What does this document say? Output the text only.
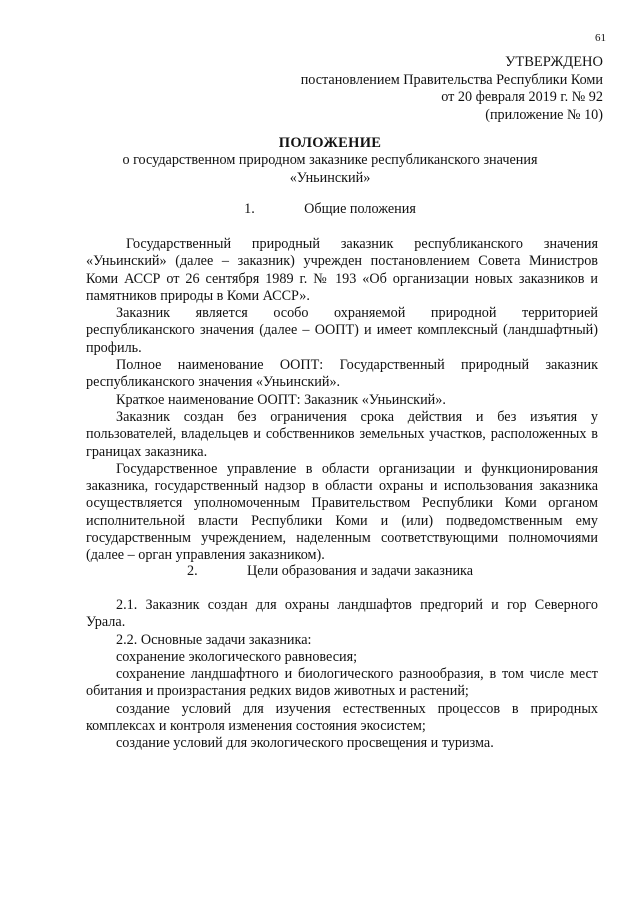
61
УТВЕРЖДЕНО
постановлением Правительства Республики Коми
от 20 февраля 2019 г. № 92
(приложение № 10)
ПОЛОЖЕНИЕ
о государственном природном заказнике республиканского значения
«Уньинский»
1.	Общие положения

Государственный природный заказник республиканского значения «Уньинский» (далее – заказник) учрежден постановлением Совета Министров Коми АССР от 26 сентября 1989 г. № 193 «Об организации новых заказников и памятников природы в Коми АССР».

Заказник является особо охраняемой природной территорией республиканского значения (далее – ООПТ) и имеет комплексный (ландшафтный) профиль.

Полное наименование ООПТ: Государственный природный заказник республиканского значения «Уньинский».

Краткое наименование ООПТ: Заказник «Уньинский».

Заказник создан без ограничения срока действия и без изъятия у пользователей, владельцев и собственников земельных участков, расположенных в границах заказника.

Государственное управление в области организации и функционирования заказника, государственный надзор в области охраны и использования заказника осуществляется уполномоченным Правительством Республики Коми органом исполнительной власти Республики Коми и (или) подведомственным ему государственным учреждением, наделенным соответствующими полномочиями (далее – орган управления заказником).

2.	Цели образования и задачи заказника

2.1. Заказник создан для охраны ландшафтов предгорий и гор Северного Урала.

2.2. Основные задачи заказника:

сохранение экологического равновесия;

сохранение ландшафтного и биологического разнообразия, в том числе мест обитания и произрастания редких видов животных и растений;

создание условий для изучения естественных процессов в природных комплексах и контроля изменения состояния экосистем;

создание условий для экологического просвещения и туризма.
